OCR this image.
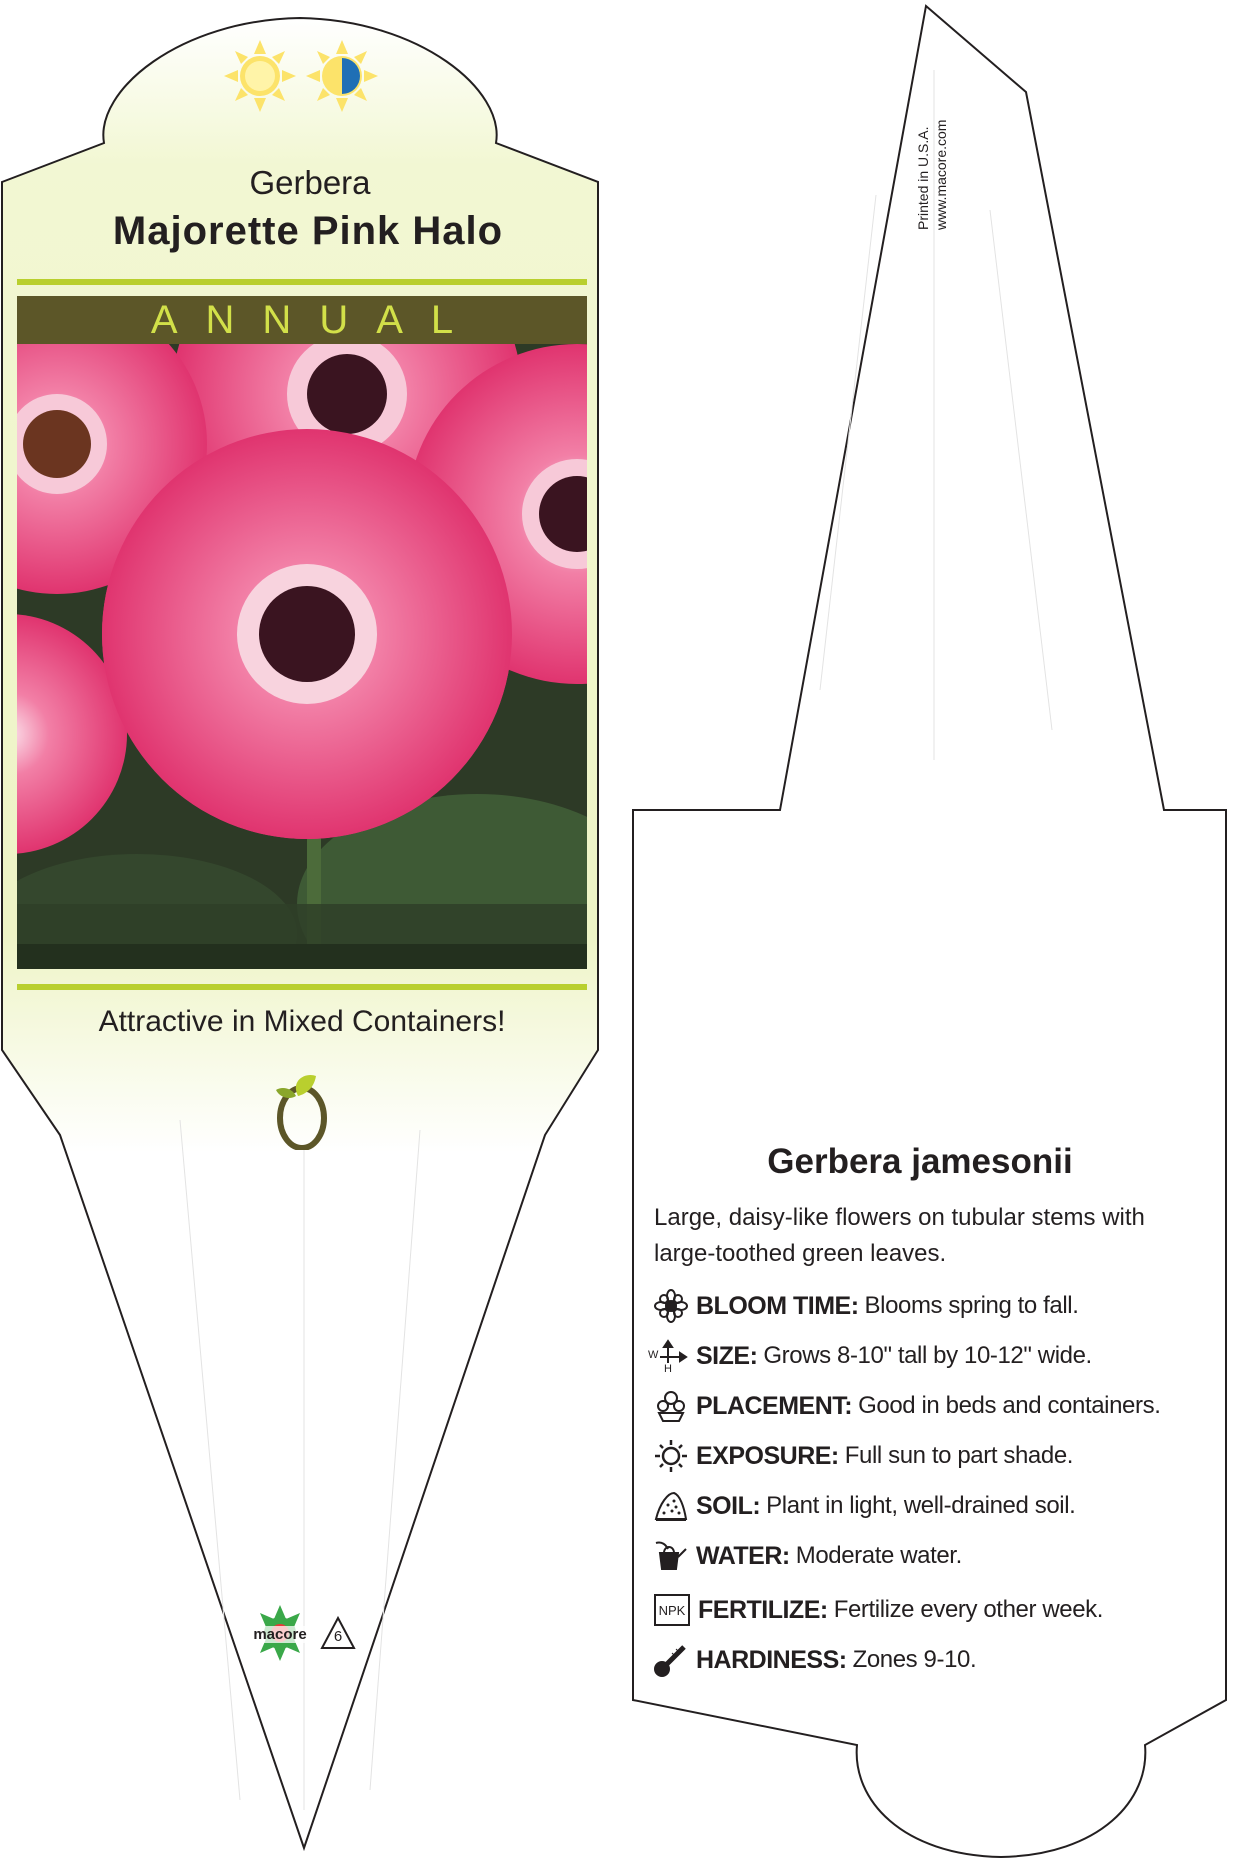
Gerbera
Majorette Pink Halo
ANNUAL
Attractive in Mixed Containers!
macore	6
Printed in U.S.A. www.macore.com
Gerbera jamesonii
Large, daisy-like flowers on tubular stems with large-toothed green leaves.
BLOOM TIME: Blooms spring to fall.
W
H SIZE: Grows 8-10" tall by 10-12" wide.
PLACEMENT: Good in beds and containers.
EXPOSURE: Full sun to part shade.
SOIL: Plant in light, well-drained soil.
WATER: Moderate water.
NPK FERTILIZE: Fertilize every other week.
HARDINESS: Zones 9-10.
